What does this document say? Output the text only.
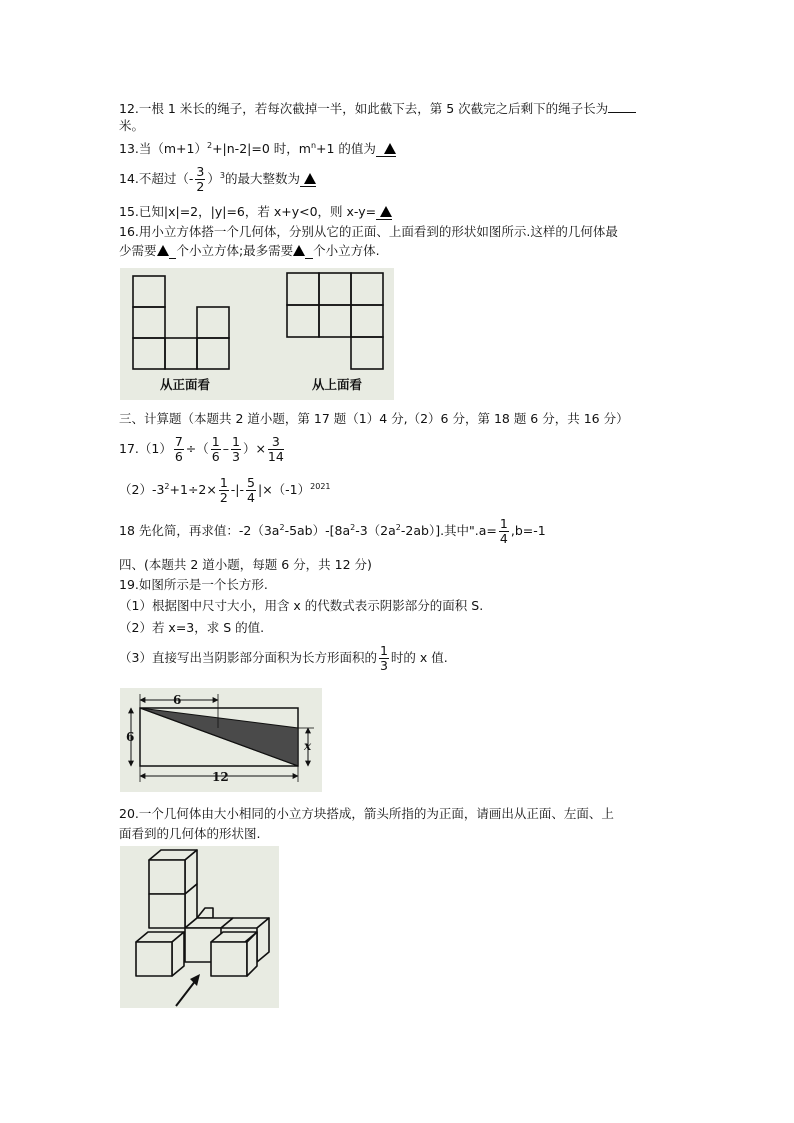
12.一根 1 米长的绳子，若每次截掉一半，如此截下去，第 5 次截完之后剩下的绳子长为
米。
13.当$(m+1)^2+|n-2|=0$ 时，$m^n+1$ 的值为
14.不超过（- $\frac{3}{2} )^3$的最大整数为
15.已知|x|=2，|y|=6，若 x+y<0，则 x-y=
16.用小立方体搭一个几何体，分别从它的正面、上面看到的形状如图所示.这样的几何体最
少需要 个小立方体;最多需要 个小立方体.
从正面看	从上面看
三、计算题（本题共 2 道小题，第 17 题（1）4 分,（2）6 分，第 18 题 6 分，共 16 分）
$17.(1) \frac{7}{6}$ ÷（ $\frac{1}{6} - \frac{1}{3}$ ）× $\frac{3}{14}$
$(2)-3^2+1\div 2\times \frac{1}{2}$ -|- $\frac{5}{4} |\times(-1)^{2021}$
18 先化简，再求值：$-2(3a^2-5ab)-[8a^2-3(2a^2-2ab)]$.其中"$.a= \frac{1}{4} ,b=-1$
四、(本题共 2 道小题，每题 6 分，共 12 分)
19.如图所示是一个长方形.
（1）根据图中尺寸大小，用含 x 的代数式表示阴影部分的面积 S.
（2）若 x=3，求 S 的值.
（3）直接写出当阴影部分面积为长方形面积的 $\frac{1}{3}$ 时的 x 值.
6
6
x
12
20.一个几何体由大小相同的小立方块搭成，箭头所指的为正面，请画出从正面、左面、上
面看到的几何体的形状图.
